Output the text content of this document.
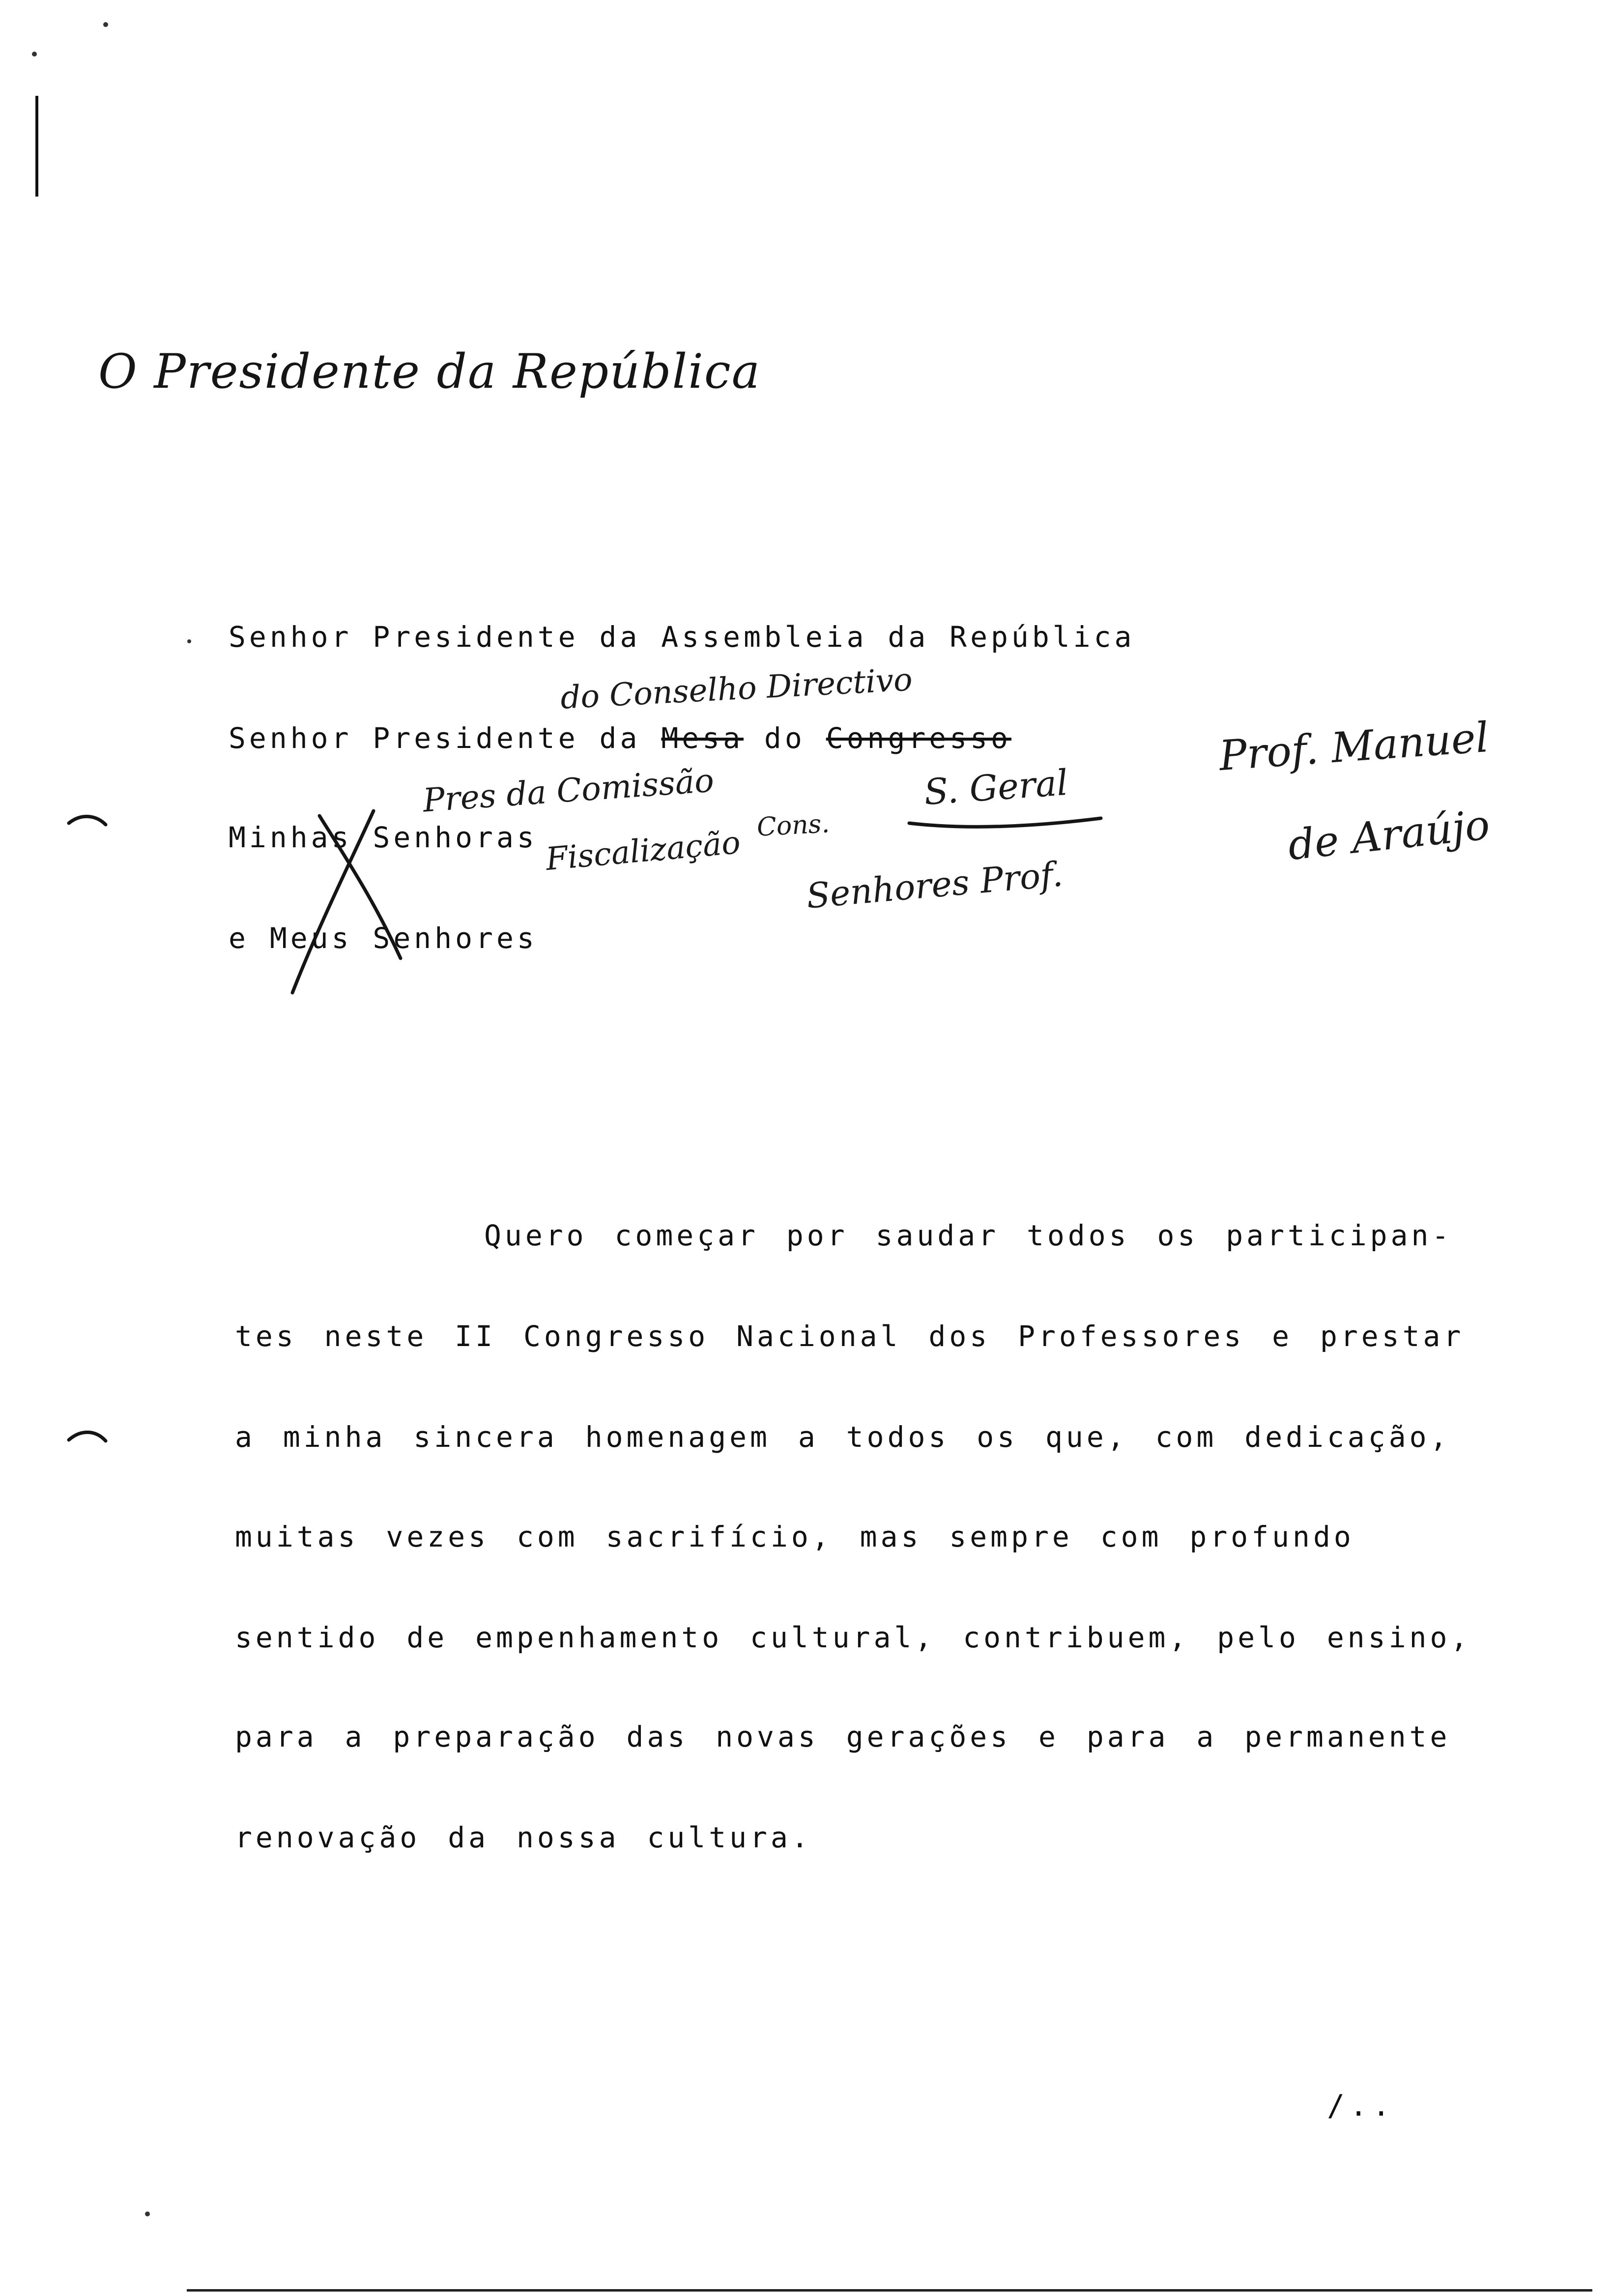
O Presidente da República
Senhor Presidente da Assembleia da República
Senhor Presidente da Mesa do Congresso
Minhas Senhoras
e Meus Senhores
do Conselho Directivo
Pres da Comissão	S. Geral
Fiscalização Cons.
Senhores Prof.
Prof. Manuel
de Araújo
Quero começar por saudar todos os participan-
tes neste II Congresso Nacional dos Professores e prestar
a minha sincera homenagem a todos os que, com dedicação,
muitas vezes com sacrifício, mas sempre com profundo
sentido de empenhamento cultural, contribuem, pelo ensino,
para a preparação das novas gerações e para a permanente
renovação da nossa cultura.
/..
